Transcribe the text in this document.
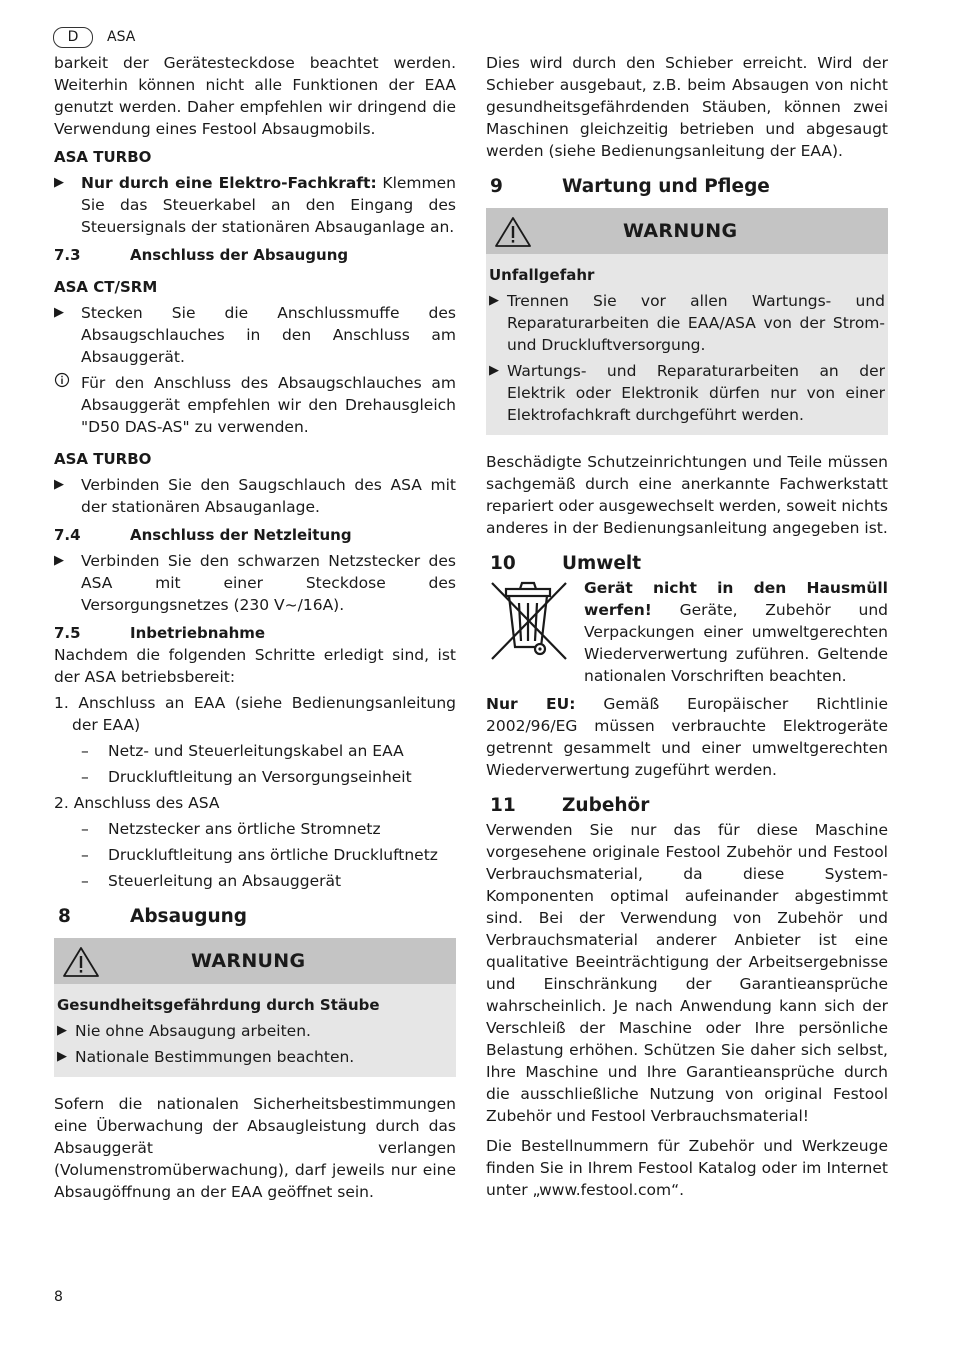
D	ASA

barkeit der Gerätesteckdose beachtet werden. Weiterhin können nicht alle Funktionen der EAA genutzt werden. Daher empfehlen wir dringend die Verwendung eines Festool Absaugmobils.

ASA TURBO
▶	Nur durch eine Elektro-Fachkraft: Klemmen Sie das Steuerkabel an den Eingang des Steuersignals der stationären Absauganlage an.
7.3	Anschluss der Absaugung
ASA CT/SRM
▶	Stecken Sie die Anschlussmuffe des Absaugschlauches in den Anschluss am Absauggerät.
Für den Anschluss des Absaugschlauches am Absauggerät empfehlen wir den Drehausgleich "D50 DAS-AS" zu verwenden.
ASA TURBO
▶	Verbinden Sie den Saugschlauch des ASA mit der stationären Absauganlage.
7.4	Anschluss der Netzleitung
▶	Verbinden Sie den schwarzen Netzstecker des ASA mit einer Steckdose des Versorgungsnetzes (230 V~/16A).
7.5	Inbetriebnahme

Nachdem die folgenden Schritte erledigt sind, ist der ASA betriebsbereit:

1. Anschluss an EAA (siehe Bedienungsanleitung der EAA)

–	Netz- und Steuerleitungskabel an EAA
–	Druckluftleitung an Versorgungseinheit

2. Anschluss des ASA

–	Netzstecker ans örtliche Stromnetz
–	Druckluftleitung ans örtliche Druckluftnetz
–	Steuerleitung an Absauggerät
8	Absaugung
WARNUNG
Gesundheitsgefährdung durch Stäube
▶ Nie ohne Absaugung arbeiten.
▶ Nationale Bestimmungen beachten.

Sofern die nationalen Sicherheitsbestimmungen eine Überwachung der Absaugleistung durch das Absauggerät verlangen (Volumenstromüberwachung), darf jeweils nur eine Absaugöffnung an der EAA geöffnet sein.

Dies wird durch den Schieber erreicht. Wird der Schieber ausgebaut, z.B. beim Absaugen von nicht gesundheitsgefährdenden Stäuben, können zwei Maschinen gleichzeitig betrieben und abgesaugt werden (siehe Bedienungsanleitung der EAA).

9	Wartung und Pflege
WARNUNG
Unfallgefahr
▶ Trennen Sie vor allen Wartungs- und Reparaturarbeiten die EAA/ASA von der Strom- und Druckluftversorgung.
▶ Wartungs- und Reparaturarbeiten an der Elektrik oder Elektronik dürfen nur von einer Elektrofachkraft durchgeführt werden.

Beschädigte Schutzeinrichtungen und Teile müssen sachgemäß durch eine anerkannte Fachwerkstatt repariert oder ausgewechselt werden, soweit nichts anderes in der Bedienungsanleitung angegeben ist.

10	Umwelt
Gerät nicht in den Hausmüll werfen! Geräte, Zubehör und Verpackungen einer umweltgerechten Wiederverwertung zuführen. Geltende nationalen Vorschriften beachten.

Nur EU: Gemäß Europäischer Richtlinie 2002/96/EG müssen verbrauchte Elektrogeräte getrennt gesammelt und einer umweltgerechten Wiederverwertung zugeführt werden.

11	Zubehör

Verwenden Sie nur das für diese Maschine vorgesehene originale Festool Zubehör und Festool Verbrauchsmaterial, da diese System-Komponenten optimal aufeinander abgestimmt sind. Bei der Verwendung von Zubehör und Verbrauchsmaterial anderer Anbieter ist eine qualitative Beeinträchtigung der Arbeitsergebnisse und Einschränkung der Garantieansprüche wahrscheinlich. Je nach Anwendung kann sich der Verschleiß der Maschine oder Ihre persönliche Belastung erhöhen. Schützen Sie daher sich selbst, Ihre Maschine und Ihre Garantieansprüche durch die ausschließliche Nutzung von original Festool Zubehör und Festool Verbrauchsmaterial!

Die Bestellnummern für Zubehör und Werkzeuge finden Sie in Ihrem Festool Katalog oder im Internet unter „www.festool.com“.

8
